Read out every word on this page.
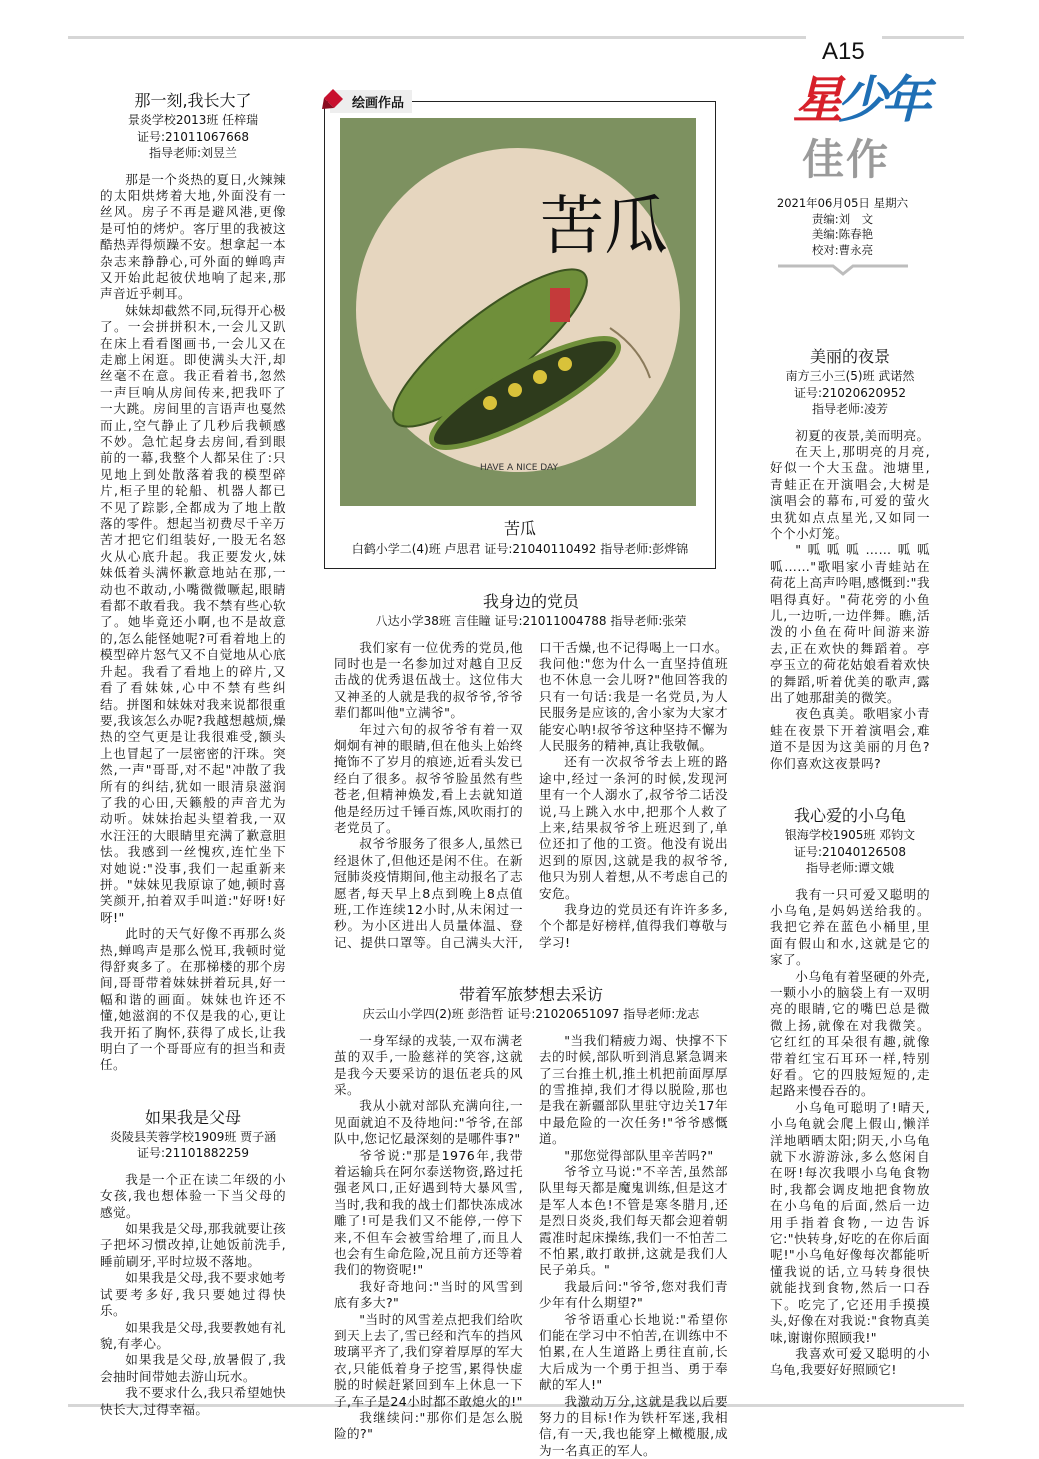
A15
星少年
佳作
2021年06月05日 星期六
责编:刘　文
美编:陈春艳
校对:曹永亮
那一刻,我长大了
景炎学校2013班 任梓瑞
证号:21011067668
指导老师:刘昱兰

那是一个炎热的夏日,火辣辣的太阳烘烤着大地,外面没有一丝风。房子不再是避风港,更像是可怕的烤炉。客厅里的我被这酷热弄得烦躁不安。想拿起一本杂志来静静心,可外面的蝉鸣声又开始此起彼伏地响了起来,那声音近乎刺耳。

妹妹却截然不同,玩得开心极了。一会拼拼积木,一会儿又趴在床上看看图画书,一会儿又在走廊上闲逛。即使满头大汗,却丝毫不在意。我正看着书,忽然一声巨响从房间传来,把我吓了一大跳。房间里的言语声也戛然而止,空气静止了几秒后我顿感不妙。急忙起身去房间,看到眼前的一幕,我整个人都呆住了:只见地上到处散落着我的模型碎片,柜子里的轮船、机器人都已不见了踪影,全都成为了地上散落的零件。想起当初费尽千辛万苦才把它们组装好,一股无名怒火从心底升起。我正要发火,妹妹低着头满怀歉意地站在那,一动也不敢动,小嘴微微噘起,眼睛看都不敢看我。我不禁有些心软了。她毕竟还小啊,也不是故意的,怎么能怪她呢?可看着地上的模型碎片怒气又不自觉地从心底升起。我看了看地上的碎片,又看了看妹妹,心中不禁有些纠结。拼图和妹妹对我来说都很重要,我该怎么办呢?我越想越烦,燥热的空气更是让我很难受,额头上也冒起了一层密密的汗珠。突然,一声"哥哥,对不起"冲散了我所有的纠结,犹如一眼清泉滋润了我的心田,天籁般的声音尤为动听。妹妹抬起头望着我,一双水汪汪的大眼睛里充满了歉意胆怯。我感到一丝愧疚,连忙坐下对她说:"没事,我们一起重新来拼。"妹妹见我原谅了她,顿时喜笑颜开,拍着双手叫道:"好呀!好呀!"

此时的天气好像不再那么炎热,蝉鸣声是那么悦耳,我顿时觉得舒爽多了。在那梯楼的那个房间,哥哥带着妹妹拼着玩具,好一幅和谐的画面。妹妹也许还不懂,她滋润的不仅是我的心,更让我开拓了胸怀,获得了成长,让我明白了一个哥哥应有的担当和责任。

如果我是父母
炎陵县芙蓉学校1909班 贾子涵
证号:21101882259

我是一个正在读二年级的小女孩,我也想体验一下当父母的感觉。

如果我是父母,那我就要让孩子把坏习惯改掉,让她饭前洗手,睡前刷牙,平时垃圾不落地。

如果我是父母,我不要求她考试要考多好,我只要她过得快乐。

如果我是父母,我要教她有礼貌,有孝心。

如果我是父母,放暑假了,我会抽时间带她去游山玩水。

我不要求什么,我只希望她快快长大,过得幸福。

绘画作品
苦瓜
HAVE A NICE DAY
苦瓜
白鹤小学二(4)班 卢思君 证号:21040110492 指导老师:彭烨锦
我身边的党员
八达小学38班 言佳瞳 证号:21011004788 指导老师:张荣

我们家有一位优秀的党员,他同时也是一名参加过对越自卫反击战的优秀退伍战士。这位伟大又神圣的人就是我的叔爷爷,爷爷辈们都叫他"立满爷"。

年过六旬的叔爷爷有着一双炯炯有神的眼睛,但在他头上始终掩饰不了岁月的痕迹,近看头发已经白了很多。叔爷爷脸虽然有些苍老,但精神焕发,看上去就知道他是经历过千锤百炼,风吹雨打的老党员了。

叔爷爷服务了很多人,虽然已经退休了,但他还是闲不住。在新冠肺炎疫情期间,他主动报名了志愿者,每天早上8点到晚上8点值班,工作连续12小时,从未闲过一秒。为小区进出人员量体温、登记、提供口罩等。自己满头大汗,口干舌燥,也不记得喝上一口水。我问他:"您为什么一直坚持值班也不休息一会儿呀?"他回答我的只有一句话:我是一名党员,为人民服务是应该的,舍小家为大家才能安心呐!叔爷爷这种坚持不懈为人民服务的精神,真让我敬佩。

还有一次叔爷爷去上班的路途中,经过一条河的时候,发现河里有一个人溺水了,叔爷爷二话没说,马上跳入水中,把那个人救了上来,结果叔爷爷上班迟到了,单位还扣了他的工资。他没有说出迟到的原因,这就是我的叔爷爷,他只为别人着想,从不考虑自己的安危。

我身边的党员还有许许多多,个个都是好榜样,值得我们尊敬与学习!

带着军旅梦想去采访
庆云山小学四(2)班 彭浩哲 证号:21020651097 指导老师:龙志

一身军绿的戎装,一双布满老茧的双手,一脸慈祥的笑容,这就是我今天要采访的退伍老兵的风采。

我从小就对部队充满向往,一见面就迫不及待地问:"爷爷,在部队中,您记忆最深刻的是哪件事?"

爷爷说:"那是1976年,我带着运输兵在阿尔泰送物资,路过托强老风口,正好遇到特大暴风雪,当时,我和我的战士们都快冻成冰雕了!可是我们又不能停,一停下来,不但车会被雪给埋了,而且人也会有生命危险,况且前方还等着我们的物资呢!"

我好奇地问:"当时的风雪到底有多大?"

"当时的风雪差点把我们给吹到天上去了,雪已经和汽车的挡风玻璃平齐了,我们穿着厚厚的军大衣,只能低着身子挖雪,累得快虚脱的时候赶紧回到车上休息一下子,车子是24小时都不敢熄火的!"

我继续问:"那你们是怎么脱险的?"

"当我们精疲力竭、快撑不下去的时候,部队听到消息紧急调来了三台推土机,推土机把前面厚厚的雪推掉,我们才得以脱险,那也是我在新疆部队里驻守边关17年中最危险的一次任务!"爷爷感慨道。

"那您觉得部队里辛苦吗?"

爷爷立马说:"不辛苦,虽然部队里每天都是魔鬼训练,但是这才是军人本色!不管是寒冬腊月,还是烈日炎炎,我们每天都会迎着朝霞准时起床操练,我们一不怕苦二不怕累,敢打敢拼,这就是我们人民子弟兵。"

我最后问:"爷爷,您对我们青少年有什么期望?"

爷爷语重心长地说:"希望你们能在学习中不怕苦,在训练中不怕累,在人生道路上勇往直前,长大后成为一个勇于担当、勇于奉献的军人!"

我激动万分,这就是我以后要努力的目标!作为铁杆军迷,我相信,有一天,我也能穿上橄榄服,成为一名真正的军人。

美丽的夜景
南方三小三(5)班 武诺然
证号:21020620952
指导老师:凌芳

初夏的夜景,美而明亮。

在天上,那明亮的月亮,好似一个大玉盘。池塘里,青蛙正在开演唱会,大树是演唱会的幕布,可爱的萤火虫犹如点点星光,又如同一个个小灯笼。

"呱呱呱……呱呱呱……"歌唱家小青蛙站在荷花上高声吟唱,感慨到:"我唱得真好。"荷花旁的小鱼儿,一边听,一边伴舞。瞧,活泼的小鱼在荷叶间游来游去,正在欢快的舞蹈着。亭亭玉立的荷花姑娘看着欢快的舞蹈,听着优美的歌声,露出了她那甜美的微笑。

夜色真美。歌唱家小青蛙在夜景下开着演唱会,难道不是因为这美丽的月色?你们喜欢这夜景吗?

我心爱的小乌龟
银海学校1905班 邓钧文
证号:21040126508
指导老师:谭文娥

我有一只可爱又聪明的小乌龟,是妈妈送给我的。我把它养在蓝色小桶里,里面有假山和水,这就是它的家了。

小乌龟有着坚硬的外壳,一颗小小的脑袋上有一双明亮的眼睛,它的嘴巴总是微微上扬,就像在对我微笑。它红红的耳朵很有趣,就像带着红宝石耳环一样,特别好看。它的四肢短短的,走起路来慢吞吞的。

小乌龟可聪明了!晴天,小乌龟就会爬上假山,懒洋洋地晒晒太阳;阴天,小乌龟就下水游游泳,多么悠闲自在呀!每次我喂小乌龟食物时,我都会调皮地把食物放在小乌龟的后面,然后一边用手指着食物,一边告诉它:"快转身,好吃的在你后面呢!"小乌龟好像每次都能听懂我说的话,立马转身很快就能找到食物,然后一口吞下。吃完了,它还用手摸摸头,好像在对我说:"食物真美味,谢谢你照顾我!"

我喜欢可爱又聪明的小乌龟,我要好好照顾它!
